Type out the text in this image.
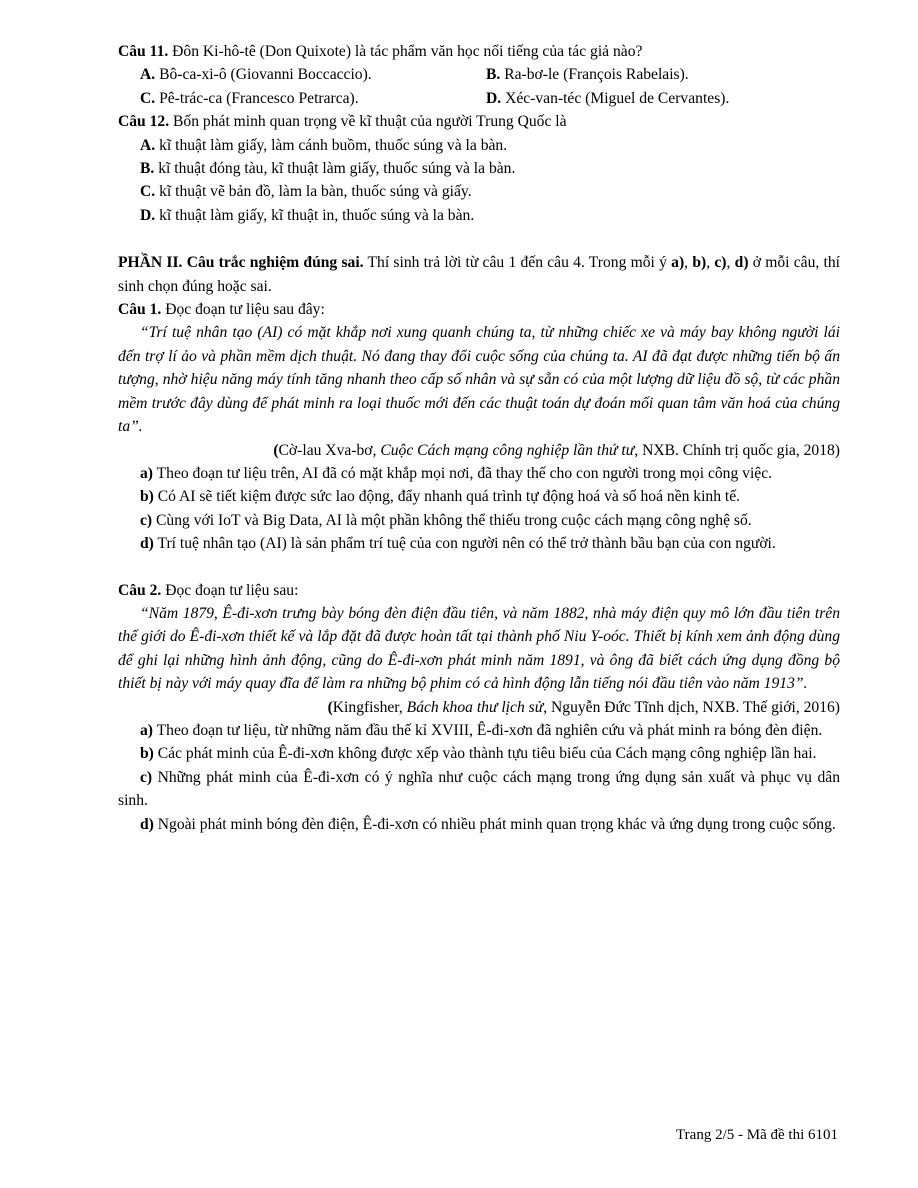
Câu 11. Đôn Ki-hô-tê (Don Quixote) là tác phẩm văn học nổi tiếng của tác giả nào?

A. Bô-ca-xi-ô (Giovanni Boccaccio).	B. Ra-bơ-le (François Rabelais).
C. Pê-trác-ca (Francesco Petrarca).	D. Xéc-van-téc (Miguel de Cervantes).

Câu 12. Bốn phát minh quan trọng về kĩ thuật của người Trung Quốc là

A. kĩ thuật làm giấy, làm cánh buồm, thuốc súng và la bàn.

B. kĩ thuật đóng tàu, kĩ thuật làm giấy, thuốc súng và la bàn.

C. kĩ thuật vẽ bản đồ, làm la bàn, thuốc súng và giấy.

D. kĩ thuật làm giấy, kĩ thuật in, thuốc súng và la bàn.

PHẦN II. Câu trắc nghiệm đúng sai. Thí sinh trả lời từ câu 1 đến câu 4. Trong mỗi ý a), b), c), d) ở mỗi câu, thí sinh chọn đúng hoặc sai.

Câu 1. Đọc đoạn tư liệu sau đây:

“Trí tuệ nhân tạo (AI) có mặt khắp nơi xung quanh chúng ta, từ những chiếc xe và máy bay không người lái đến trợ lí ảo và phần mềm dịch thuật. Nó đang thay đổi cuộc sống của chúng ta. AI đã đạt được những tiến bộ ấn tượng, nhờ hiệu năng máy tính tăng nhanh theo cấp số nhân và sự sẵn có của một lượng dữ liệu đồ sộ, từ các phần mềm trước đây dùng để phát minh ra loại thuốc mới đến các thuật toán dự đoán mối quan tâm văn hoá của chúng ta”.

(Cờ-lau Xva-bơ, Cuộc Cách mạng công nghiệp lần thứ tư, NXB. Chính trị quốc gia, 2018)

a) Theo đoạn tư liệu trên, AI đã có mặt khắp mọi nơi, đã thay thế cho con người trong mọi công việc.

b) Có AI sẽ tiết kiệm được sức lao động, đẩy nhanh quá trình tự động hoá và số hoá nền kinh tế.

c) Cùng với IoT và Big Data, AI là một phần không thể thiếu trong cuộc cách mạng công nghệ số.

d) Trí tuệ nhân tạo (AI) là sản phẩm trí tuệ của con người nên có thể trở thành bầu bạn của con người.

Câu 2. Đọc đoạn tư liệu sau:

“Năm 1879, Ê-đi-xơn trưng bày bóng đèn điện đầu tiên, và năm 1882, nhà máy điện quy mô lớn đầu tiên trên thế giới do Ê-đi-xơn thiết kế và lắp đặt đã được hoàn tất tại thành phố Niu Y-oóc. Thiết bị kính xem ảnh động dùng để ghi lại những hình ảnh động, cũng do Ê-đi-xơn phát minh năm 1891, và ông đã biết cách ứng dụng đồng bộ thiết bị này với máy quay đĩa để làm ra những bộ phim có cả hình động lẫn tiếng nói đầu tiên vào năm 1913”.

(Kingfisher, Bách khoa thư lịch sử, Nguyễn Đức Tĩnh dịch, NXB. Thế giới, 2016)

a) Theo đoạn tư liệu, từ những năm đầu thế kỉ XVIII, Ê-đi-xơn đã nghiên cứu và phát minh ra bóng đèn điện.

b) Các phát minh của Ê-đi-xơn không được xếp vào thành tựu tiêu biểu của Cách mạng công nghiệp lần hai.

c) Những phát minh của Ê-đi-xơn có ý nghĩa như cuộc cách mạng trong ứng dụng sản xuất và phục vụ dân sinh.

d) Ngoài phát minh bóng đèn điện, Ê-đi-xơn có nhiều phát minh quan trọng khác và ứng dụng trong cuộc sống.

Trang 2/5 - Mã đề thi 6101
